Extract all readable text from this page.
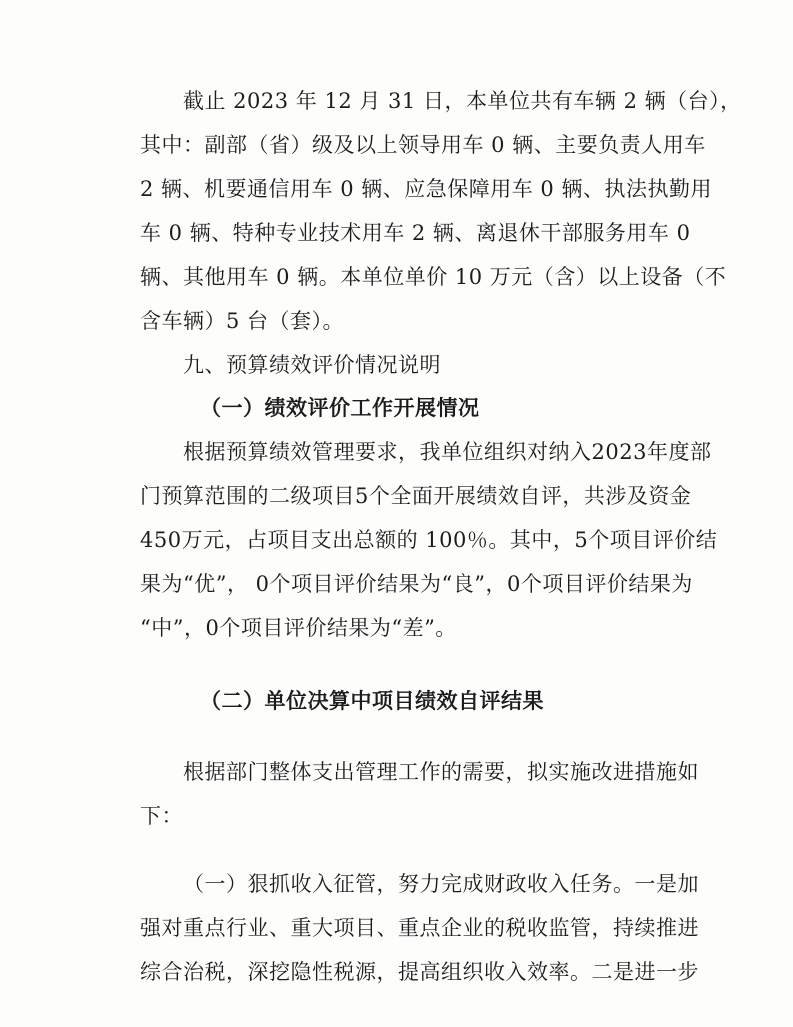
截止 2023 年 12 月 31 日，本单位共有车辆 2 辆（台），
其中：副部（省）级及以上领导用车 0 辆、主要负责人用车
2 辆、机要通信用车 0 辆、应急保障用车 0 辆、执法执勤用
车 0 辆、特种专业技术用车 2 辆、离退休干部服务用车 0
辆、其他用车 0 辆。本单位单价 10 万元（含）以上设备（不
含车辆）5 台（套）。
九、预算绩效评价情况说明
（一）绩效评价工作开展情况
根据预算绩效管理要求，我单位组织对纳入2023年度部
门预算范围的二级项目5个全面开展绩效自评，共涉及资金
450万元，占项目支出总额的 100％。其中，5个项目评价结
果为“优”， 0个项目评价结果为“良”，0个项目评价结果为
“中”，0个项目评价结果为“差”。
（二）单位决算中项目绩效自评结果
根据部门整体支出管理工作的需要，拟实施改进措施如
下：
（一）狠抓收入征管，努力完成财政收入任务。一是加
强对重点行业、重大项目、重点企业的税收监管，持续推进
综合治税，深挖隐性税源，提高组织收入效率。二是进一步
